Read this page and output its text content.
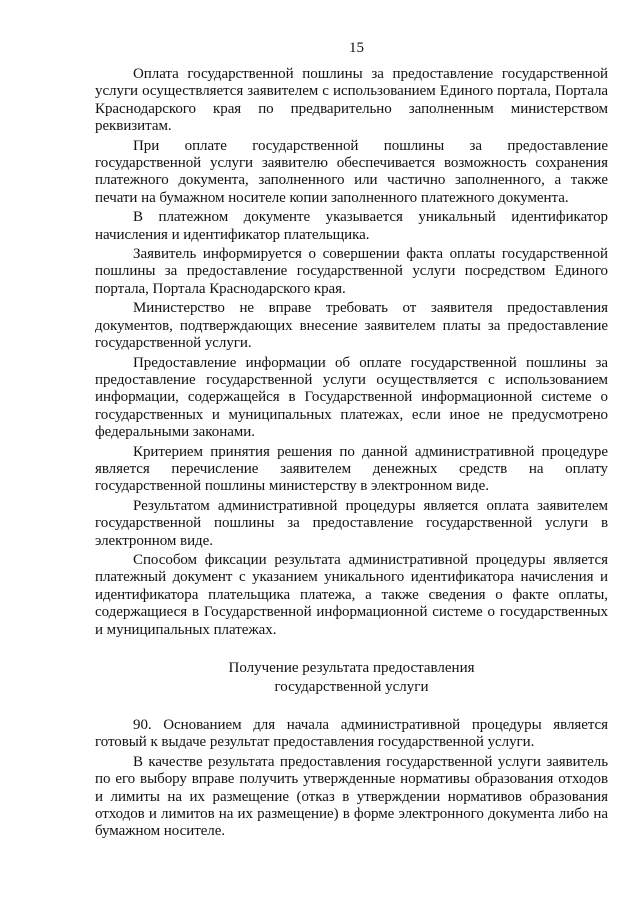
15

Оплата государственной пошлины за предоставление государственной услуги осуществляется заявителем с использованием Единого портала, Портала Краснодарского края по предварительно заполненным министерством реквизитам.

При оплате государственной пошлины за предоставление государственной услуги заявителю обеспечивается возможность сохранения платежного документа, заполненного или частично заполненного, а также печати на бумажном носителе копии заполненного платежного документа.

В платежном документе указывается уникальный идентификатор начисления и идентификатор плательщика.

Заявитель информируется о совершении факта оплаты государственной пошлины за предоставление государственной услуги посредством Единого портала, Портала Краснодарского края.

Министерство не вправе требовать от заявителя предоставления документов, подтверждающих внесение заявителем платы за предоставление государственной услуги.

Предоставление информации об оплате государственной пошлины за предоставление государственной услуги осуществляется с использованием информации, содержащейся в Государственной информационной системе о государственных и муниципальных платежах, если иное не предусмотрено федеральными законами.

Критерием принятия решения по данной административной процедуре является перечисление заявителем денежных средств на оплату государственной пошлины министерству в электронном виде.

Результатом административной процедуры является оплата заявителем государственной пошлины за предоставление государственной услуги в электронном виде.

Способом фиксации результата административной процедуры является платежный документ с указанием уникального идентификатора начисления и идентификатора плательщика платежа, а также сведения о факте оплаты, содержащиеся в Государственной информационной системе о государственных и муниципальных платежах.

Получение результата предоставления
государственной услуги

90. Основанием для начала административной процедуры является готовый к выдаче результат предоставления государственной услуги.

В качестве результата предоставления государственной услуги заявитель по его выбору вправе получить утвержденные нормативы образования отходов и лимиты на их размещение (отказ в утверждении нормативов образования отходов и лимитов на их размещение) в форме электронного документа либо на бумажном носителе.
